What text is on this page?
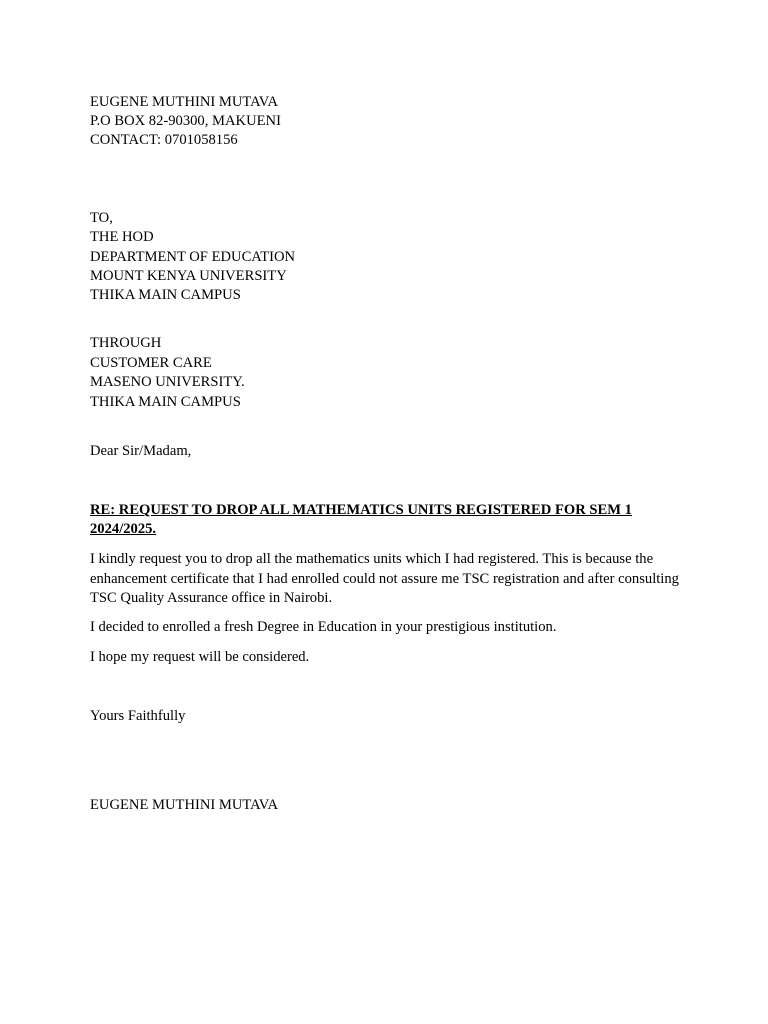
EUGENE MUTHINI MUTAVA
P.O BOX 82-90300, MAKUENI
CONTACT: 0701058156
TO,
THE HOD
DEPARTMENT OF EDUCATION
MOUNT KENYA UNIVERSITY
THIKA MAIN CAMPUS
THROUGH
CUSTOMER CARE
MASENO UNIVERSITY.
THIKA MAIN CAMPUS
Dear Sir/Madam,
RE: REQUEST TO DROP ALL MATHEMATICS UNITS REGISTERED FOR SEM 1
2024/2025.
I kindly request you to drop all the mathematics units which I had registered. This is because the enhancement certificate that I had enrolled could not assure me TSC registration and after consulting TSC Quality Assurance office in Nairobi.
I decided to enrolled a fresh Degree in Education in your prestigious institution.
I hope my request will be considered.
Yours Faithfully
EUGENE MUTHINI MUTAVA
